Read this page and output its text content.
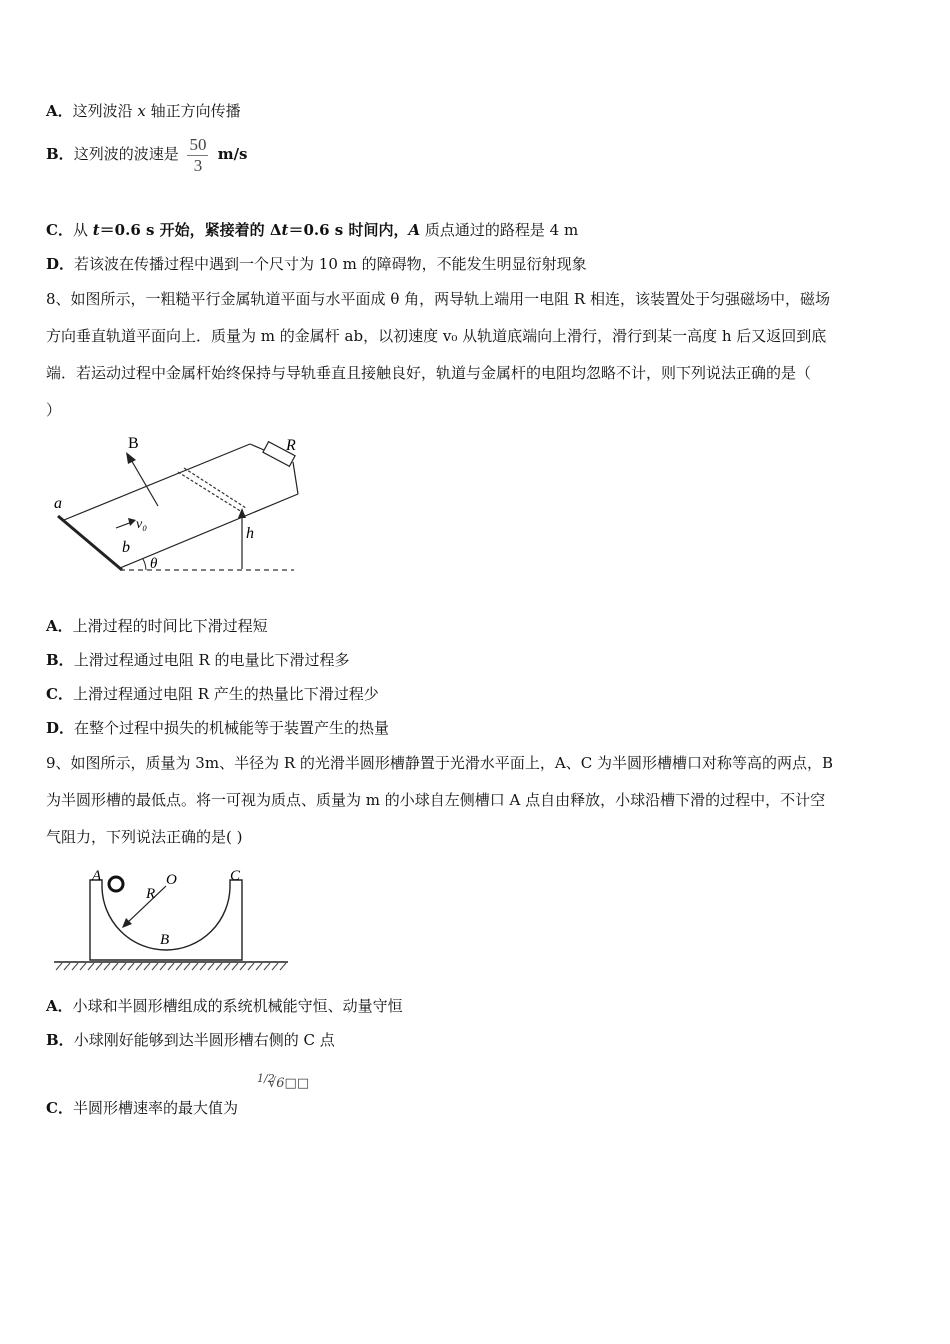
A．这列波沿 x 轴正方向传播
B．这列波的波速是 $\frac{50}{3} m/s$
C．从 t＝0.6 s 开始，紧接着的 Δt＝0.6 s 时间内，A 质点通过的路程是 4 m
D．若该波在传播过程中遇到一个尺寸为 10 m 的障碍物，不能发生明显衍射现象
8、如图所示，一粗糙平行金属轨道平面与水平面成 θ 角，两导轨上端用一电阻 R 相连，该装置处于匀强磁场中，磁场
方向垂直轨道平面向上．质量为 m 的金属杆 ab，以初速度 v₀ 从轨道底端向上滑行，滑行到某一高度 h 后又返回到底
端．若运动过程中金属杆始终保持与导轨垂直且接触良好，轨道与金属杆的电阻均忽略不计，则下列说法正确的是（
）
B	R
a
b
v₀
h
θ
A．上滑过程的时间比下滑过程短
B．上滑过程通过电阻 R 的电量比下滑过程多
C．上滑过程通过电阻 R 产生的热量比下滑过程少
D．在整个过程中损失的机械能等于装置产生的热量
9、如图所示，质量为 3m、半径为 R 的光滑半圆形槽静置于光滑水平面上，A、C 为半圆形槽槽口对称等高的两点，B
为半圆形槽的最低点。将一可视为质点、质量为 m 的小球自左侧槽口 A 点自由释放，小球沿槽下滑的过程中，不计空
气阻力，下列说法正确的是( )
A	O	C
R
B
A．小球和半圆形槽组成的系统机械能守恒、动量守恒
B．小球刚好能够到达半圆形槽右侧的 C 点
C．半圆形槽速率的最大值为
1/2
√6□□
